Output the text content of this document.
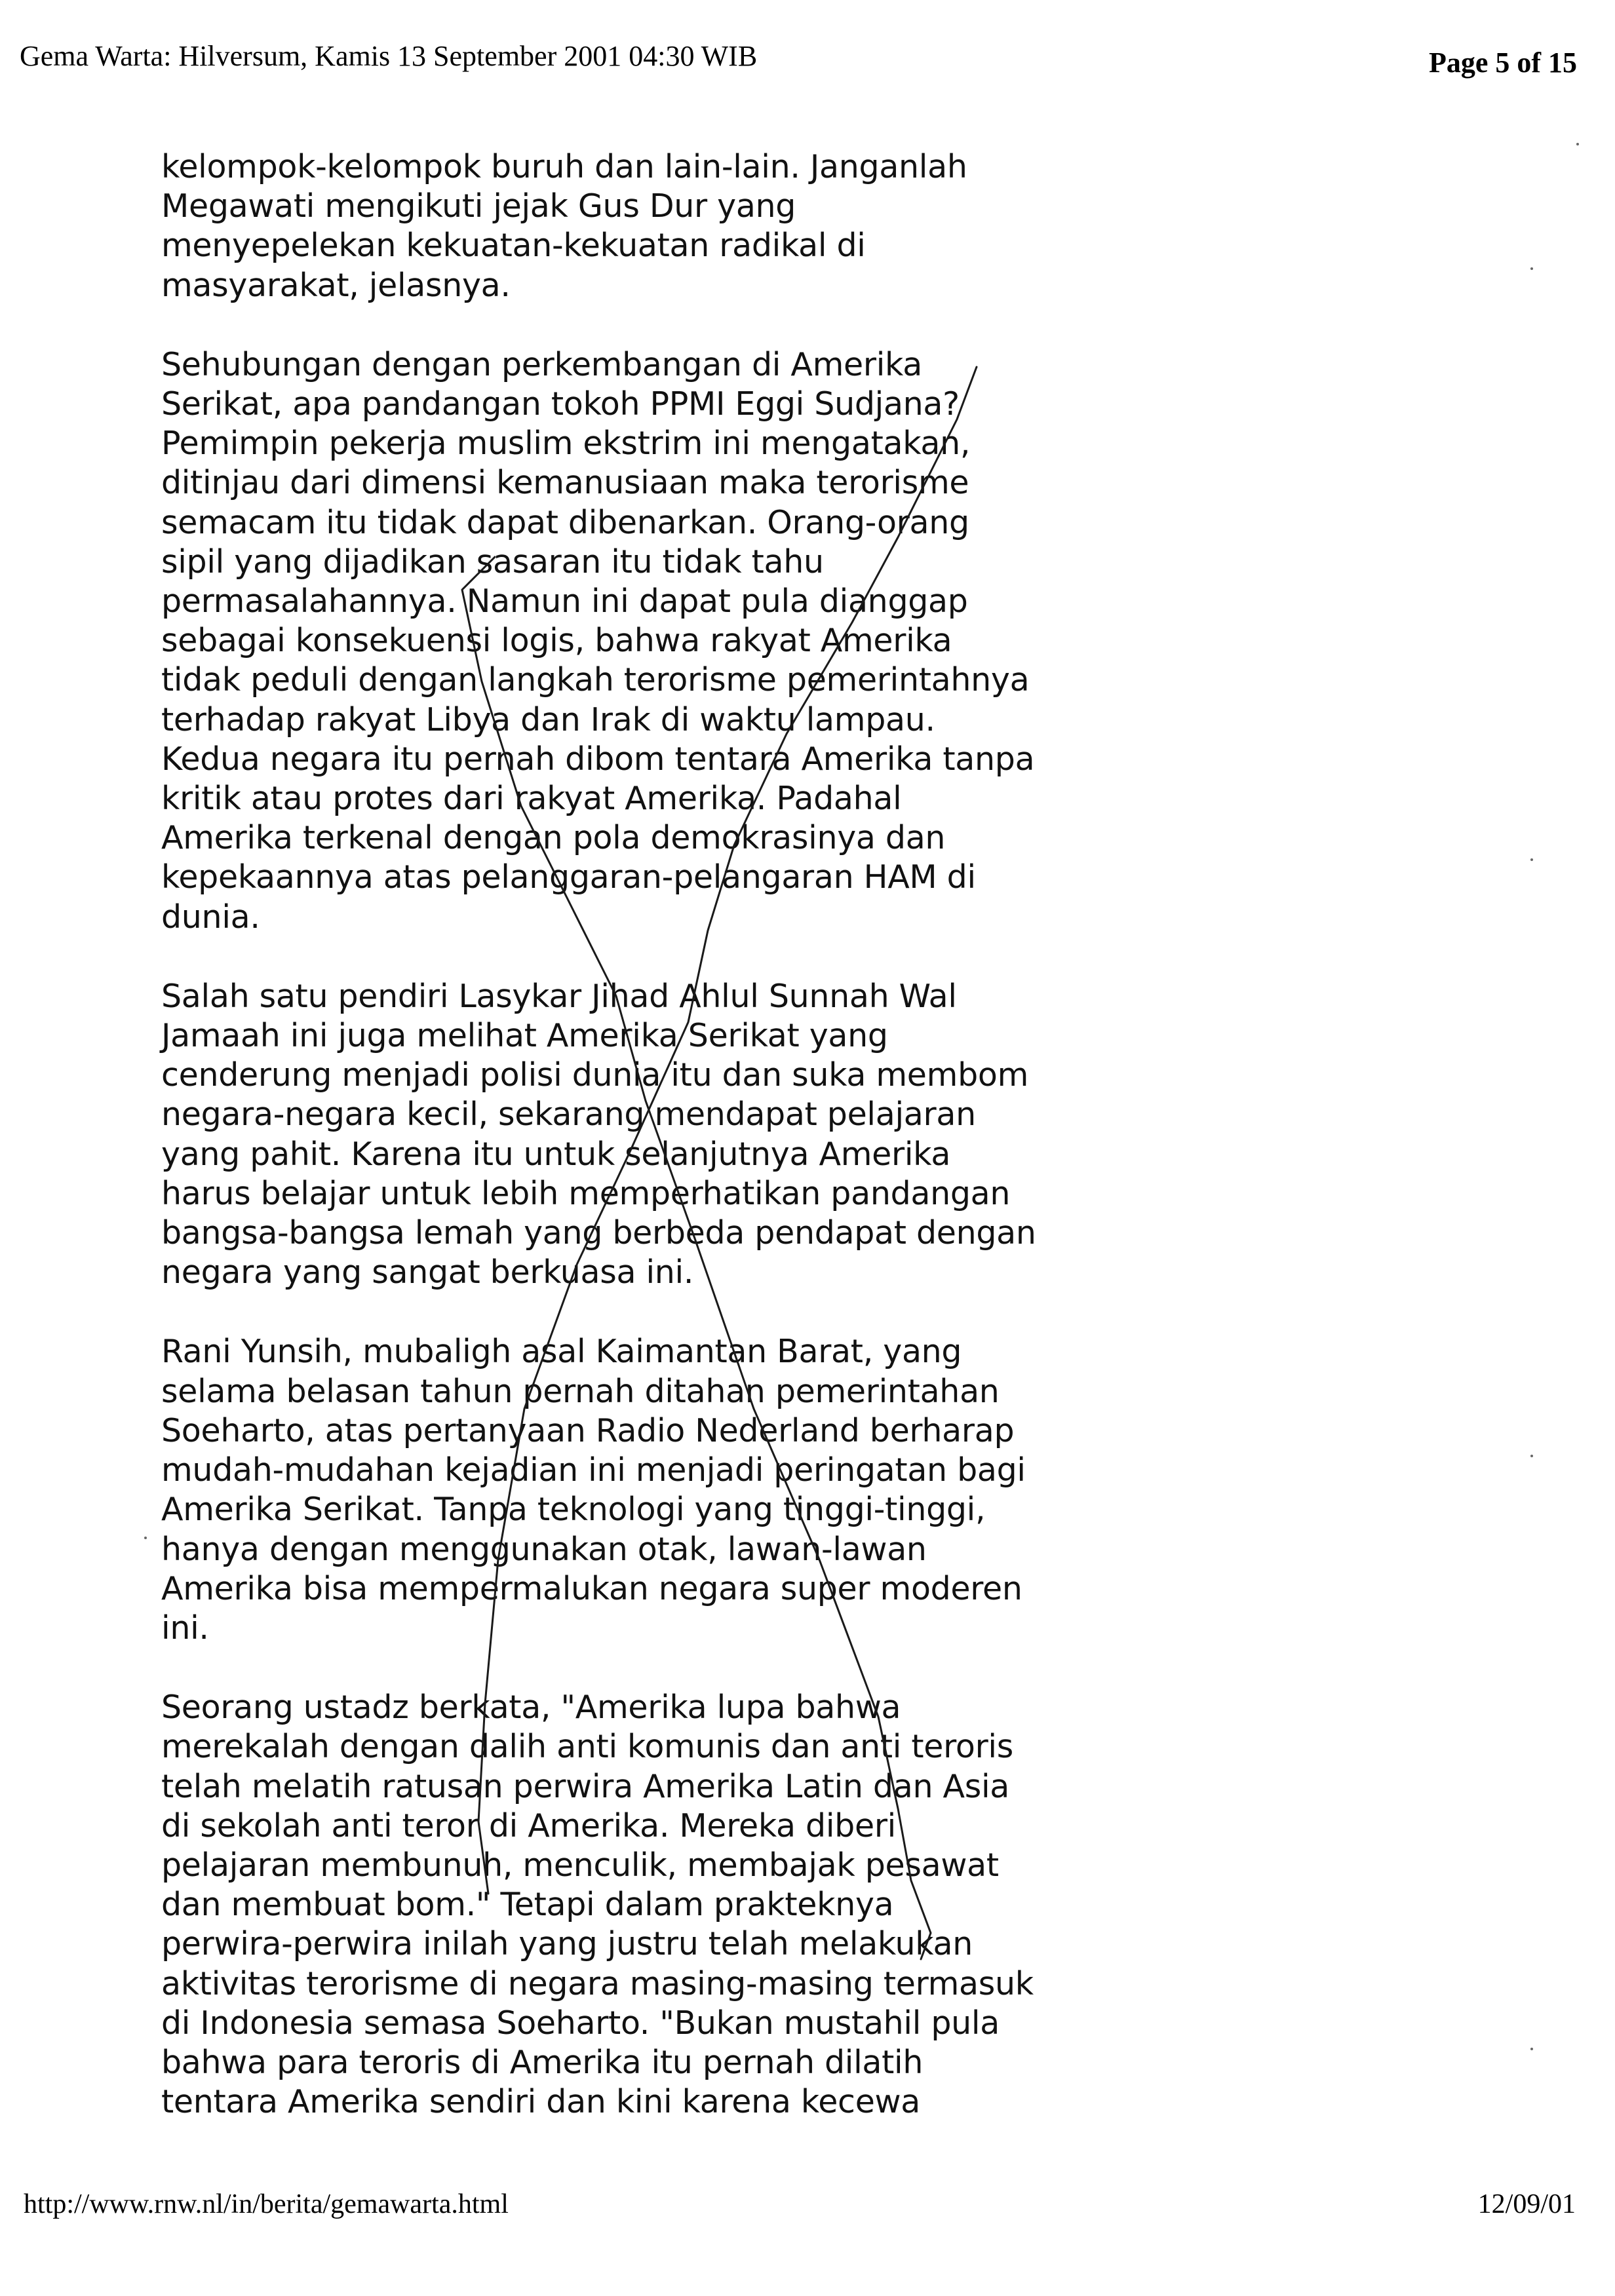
Gema Warta: Hilversum, Kamis 13 September 2001 04:30 WIB	Page 5 of 15

kelompok-kelompok buruh dan lain-lain. Janganlah
Megawati mengikuti jejak Gus Dur yang
menyepelekan kekuatan-kekuatan radikal di
masyarakat, jelasnya.

Sehubungan dengan perkembangan di Amerika
Serikat, apa pandangan tokoh PPMI Eggi Sudjana?
Pemimpin pekerja muslim ekstrim ini mengatakan,
ditinjau dari dimensi kemanusiaan maka terorisme
semacam itu tidak dapat dibenarkan. Orang-orang
sipil yang dijadikan sasaran itu tidak tahu
permasalahannya. Namun ini dapat pula dianggap
sebagai konsekuensi logis, bahwa rakyat Amerika
tidak peduli dengan langkah terorisme pemerintahnya
terhadap rakyat Libya dan Irak di waktu lampau.
Kedua negara itu pernah dibom tentara Amerika tanpa
kritik atau protes dari rakyat Amerika. Padahal
Amerika terkenal dengan pola demokrasinya dan
kepekaannya atas pelanggaran-pelangaran HAM di
dunia.

Salah satu pendiri Lasykar Jihad Ahlul Sunnah Wal
Jamaah ini juga melihat Amerika Serikat yang
cenderung menjadi polisi dunia itu dan suka membom
negara-negara kecil, sekarang mendapat pelajaran
yang pahit. Karena itu untuk selanjutnya Amerika
harus belajar untuk lebih memperhatikan pandangan
bangsa-bangsa lemah yang berbeda pendapat dengan
negara yang sangat berkuasa ini.

Rani Yunsih, mubaligh asal Kaimantan Barat, yang
selama belasan tahun pernah ditahan pemerintahan
Soeharto, atas pertanyaan Radio Nederland berharap
mudah-mudahan kejadian ini menjadi peringatan bagi
Amerika Serikat. Tanpa teknologi yang tinggi-tinggi,
hanya dengan menggunakan otak, lawan-lawan
Amerika bisa mempermalukan negara super moderen
ini.

Seorang ustadz berkata, "Amerika lupa bahwa
merekalah dengan dalih anti komunis dan anti teroris
telah melatih ratusan perwira Amerika Latin dan Asia
di sekolah anti teror di Amerika. Mereka diberi
pelajaran membunuh, menculik, membajak pesawat
dan membuat bom." Tetapi dalam prakteknya
perwira-perwira inilah yang justru telah melakukan
aktivitas terorisme di negara masing-masing termasuk
di Indonesia semasa Soeharto. "Bukan mustahil pula
bahwa para teroris di Amerika itu pernah dilatih
tentara Amerika sendiri dan kini karena kecewa

http://www.rnw.nl/in/berita/gemawarta.html	12/09/01
